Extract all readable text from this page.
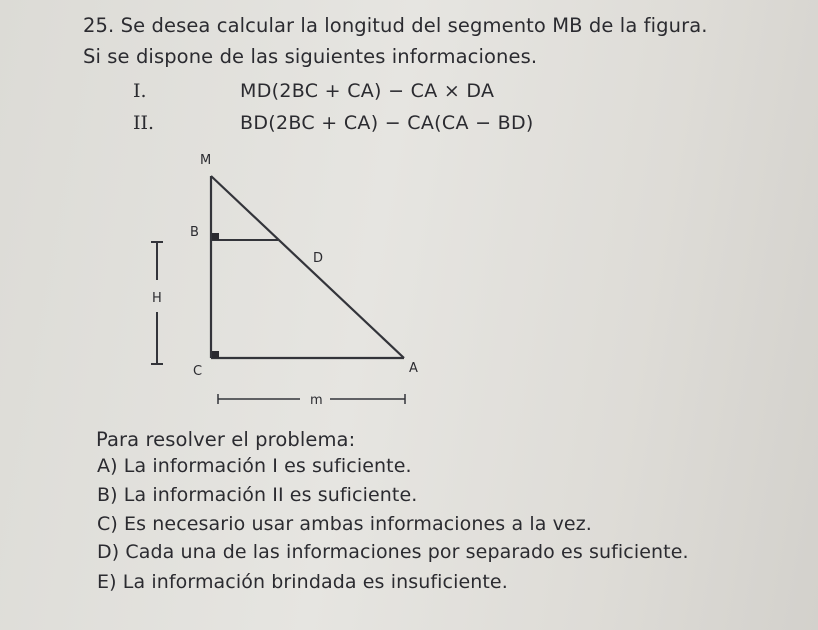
25. Se desea calcular la longitud del segmento MB de la figura.
Si se dispone de las siguientes informaciones.
I.	MD(2BC + CA) − CA × DA
II.	BD(2BC + CA) − CA(CA − BD)
M
B
D
C	A
H
m
Para resolver el problema:
A) La información I es suficiente.
B) La información II es suficiente.
C) Es necesario usar ambas informaciones a la vez.
D) Cada una de las informaciones por separado es suficiente.
E) La información brindada es insuficiente.
